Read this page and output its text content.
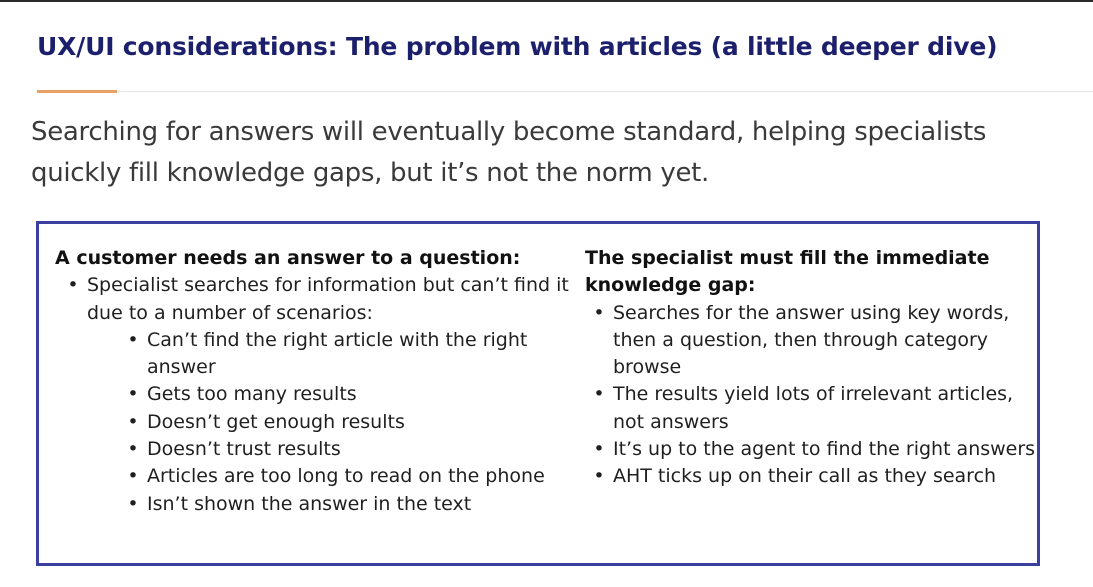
UX/UI considerations: The problem with articles (a little deeper dive)

Searching for answers will eventually become standard, helping specialists quickly fill knowledge gaps, but it’s not the norm yet.

A customer needs an answer to a question:

• Specialist searches for information but can’t find it due to a number of scenarios:
• Can’t find the right article with the right answer
• Gets too many results
• Doesn’t get enough results
• Doesn’t trust results
• Articles are too long to read on the phone
• Isn’t shown the answer in the text

The specialist must fill the immediate knowledge gap:

• Searches for the answer using key words, then a question, then through category browse
• The results yield lots of irrelevant articles, not answers
• It’s up to the agent to find the right answers
• AHT ticks up on their call as they search
